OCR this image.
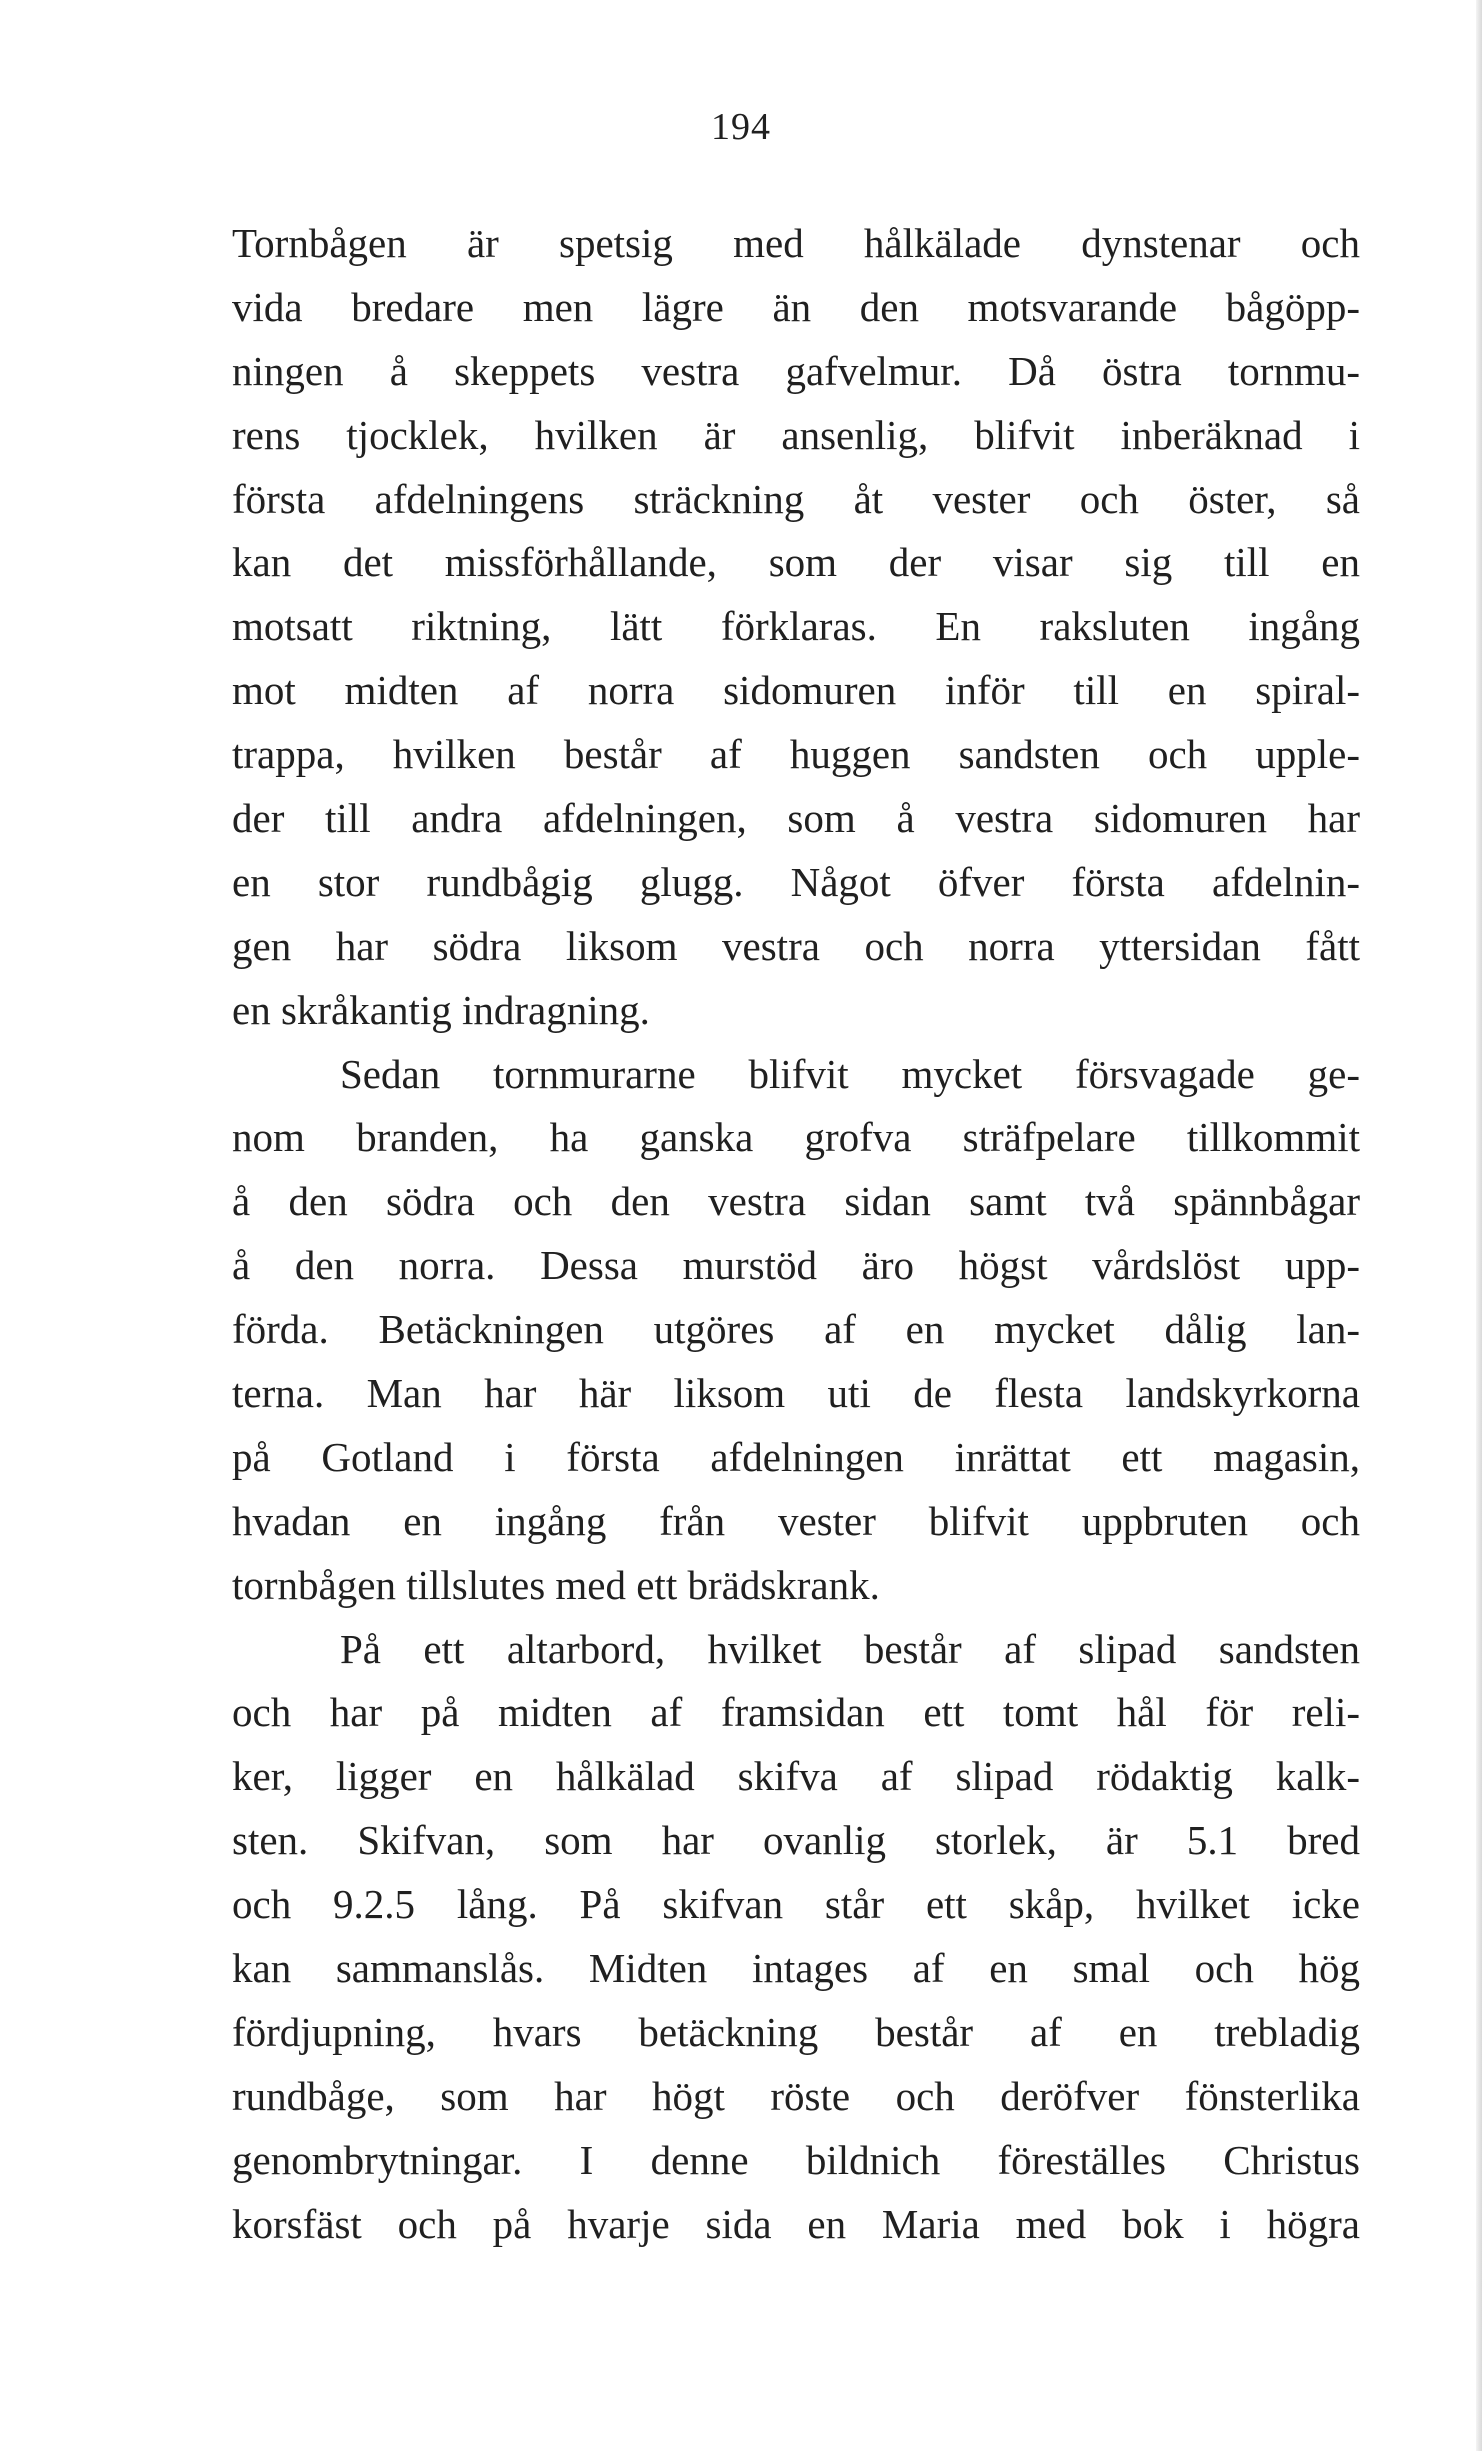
194
Tornbågen är spetsig med hålkälade dynstenar och
vida bredare men lägre än den motsvarande bågöpp-
ningen å skeppets vestra gafvelmur. Då östra tornmu-
rens tjocklek, hvilken är ansenlig, blifvit inberäknad i
första afdelningens sträckning åt vester och öster, så
kan det missförhållande, som der visar sig till en
motsatt riktning, lätt förklaras. En raksluten ingång
mot midten af norra sidomuren inför till en spiral-
trappa, hvilken består af huggen sandsten och upple-
der till andra afdelningen, som å vestra sidomuren har
en stor rundbågig glugg. Något öfver första afdelnin-
gen har södra liksom vestra och norra yttersidan fått
en skråkantig indragning.
Sedan tornmurarne blifvit mycket försvagade ge-
nom branden, ha ganska grofva sträfpelare tillkommit
å den södra och den vestra sidan samt två spännbågar
å den norra. Dessa murstöd äro högst vårdslöst upp-
förda. Betäckningen utgöres af en mycket dålig lan-
terna. Man har här liksom uti de flesta landskyrkorna
på Gotland i första afdelningen inrättat ett magasin,
hvadan en ingång från vester blifvit uppbruten och
tornbågen tillslutes med ett brädskrank.
På ett altarbord, hvilket består af slipad sandsten
och har på midten af framsidan ett tomt hål för reli-
ker, ligger en hålkälad skifva af slipad rödaktig kalk-
sten. Skifvan, som har ovanlig storlek, är 5.1 bred
och 9.2.5 lång. På skifvan står ett skåp, hvilket icke
kan sammanslås. Midten intages af en smal och hög
fördjupning, hvars betäckning består af en trebladig
rundbåge, som har högt röste och deröfver fönsterlika
genombrytningar. I denne bildnich föreställes Christus
korsfäst och på hvarje sida en Maria med bok i högra
